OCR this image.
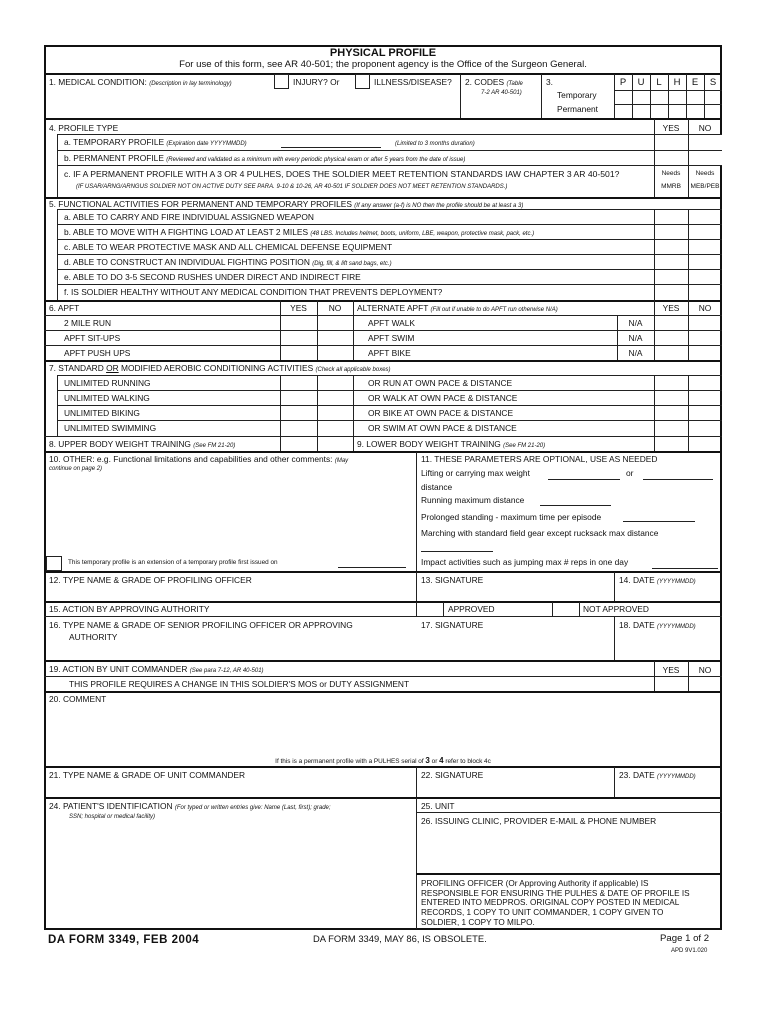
PHYSICAL PROFILE
For use of this form, see AR 40-501; the proponent agency is the Office of the Surgeon General.
1. MEDICAL CONDITION: (Description in lay terminology)	INJURY? Or	ILLNESS/DISEASE? 2. CODES (Table
7-2 AR 40-501)
3.
Temporary
Permanent
P	U	L	H	E	S
4. PROFILE TYPE	YES	NO
a. TEMPORARY PROFILE (Expiration date YYYYMMDD)	(Limited to 3 months duration)
b. PERMANENT PROFILE (Reviewed and validated as a minimum with every periodic physical exam or after 5 years from the date of issue)
c. IF A PERMANENT PROFILE WITH A 3 OR 4 PULHES, DOES THE SOLDIER MEET RETENTION STANDARDS IAW CHAPTER 3 AR 40-501?
(IF USAR/ARNG/ARNGUS SOLDIER NOT ON ACTIVE DUTY SEE PARA. 9-10 & 10-26, AR 40-501 IF SOLDIER DOES NOT MEET RETENTION STANDARDS.)
Needs
MMRB
Needs
MEB/PEB
5. FUNCTIONAL ACTIVITIES FOR PERMANENT AND TEMPORARY PROFILES (If any answer (a-f) is NO then the profile should be at least a 3)
a. ABLE TO CARRY AND FIRE INDIVIDUAL ASSIGNED WEAPON
b. ABLE TO MOVE WITH A FIGHTING LOAD AT LEAST 2 MILES (48 LBS. Includes helmet, boots, uniform, LBE, weapon, protective mask, pack, etc.)
c. ABLE TO WEAR PROTECTIVE MASK AND ALL CHEMICAL DEFENSE EQUIPMENT
d. ABLE TO CONSTRUCT AN INDIVIDUAL FIGHTING POSITION (Dig, fill, & lift sand bags, etc.)
e. ABLE TO DO 3-5 SECOND RUSHES UNDER DIRECT AND INDIRECT FIRE
f. IS SOLDIER HEALTHY WITHOUT ANY MEDICAL CONDITION THAT PREVENTS DEPLOYMENT?
6. APFT	YES	NO	ALTERNATE APFT (Fill out if unable to do APFT run otherwise N/A)	YES	NO
2 MILE RUN	APFT WALK	N/A
APFT SIT-UPS	APFT SWIM	N/A
APFT PUSH UPS	APFT BIKE	N/A
7. STANDARD OR MODIFIED AEROBIC CONDITIONING ACTIVITIES (Check all applicable boxes)
UNLIMITED RUNNING	OR RUN AT OWN PACE & DISTANCE
UNLIMITED WALKING	OR WALK AT OWN PACE & DISTANCE
UNLIMITED BIKING	OR BIKE AT OWN PACE & DISTANCE
UNLIMITED SWIMMING	OR SWIM AT OWN PACE & DISTANCE
8. UPPER BODY WEIGHT TRAINING (See FM 21-20)	9. LOWER BODY WEIGHT TRAINING (See FM 21-20)
10. OTHER: e.g. Functional limitations and capabilities and other comments: (May
continue on page 2)
This temporary profile is an extension of a temporary profile first issued on
11. THESE PARAMETERS ARE OPTIONAL, USE AS NEEDED
Lifting or carrying max weight	or
distance
Running maximum distance
Prolonged standing - maximum time per episode
Marching with standard field gear except rucksack max distance
Impact activities such as jumping max # reps in one day
12. TYPE NAME & GRADE OF PROFILING OFFICER	13. SIGNATURE	14. DATE (YYYYMMDD)
15. ACTION BY APPROVING AUTHORITY	APPROVED	NOT APPROVED
16. TYPE NAME & GRADE OF SENIOR PROFILING OFFICER OR APPROVING
AUTHORITY
17. SIGNATURE	18. DATE (YYYYMMDD)
19. ACTION BY UNIT COMMANDER (See para 7-12, AR 40-501)	YES	NO
THIS PROFILE REQUIRES A CHANGE IN THIS SOLDIER'S MOS or DUTY ASSIGNMENT
20. COMMENT
If this is a permanent profile with a PULHES serial of 3 or 4 refer to block 4c
21. TYPE NAME & GRADE OF UNIT COMMANDER	22. SIGNATURE	23. DATE (YYYYMMDD)
24. PATIENT'S IDENTIFICATION (For typed or written entries give: Name (Last, first); grade;
SSN; hospital or medical facility)
25. UNIT
26. ISSUING CLINIC, PROVIDER E-MAIL & PHONE NUMBER
PROFILING OFFICER (Or Approving Authority if applicable) IS
RESPONSIBLE FOR ENSURING THE PULHES & DATE OF PROFILE IS
ENTERED INTO MEDPROS. ORIGINAL COPY POSTED IN MEDICAL
RECORDS, 1 COPY TO UNIT COMMANDER, 1 COPY GIVEN TO
SOLDIER, 1 COPY TO MILPO.
DA FORM 3349, FEB 2004	DA FORM 3349, MAY 86, IS OBSOLETE.	Page 1 of 2
APD 9V1.020
